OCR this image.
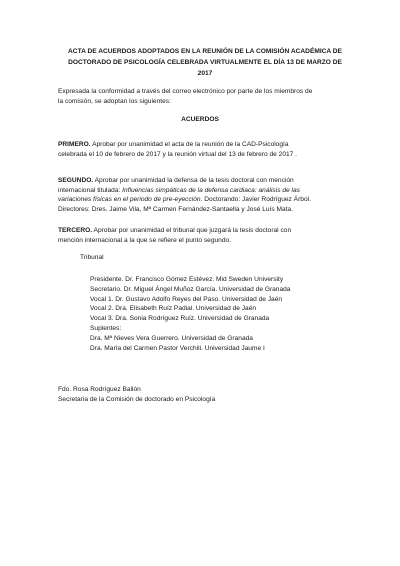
ACTA DE ACUERDOS ADOPTADOS EN LA REUNIÓN DE LA COMISIÓN ACADÉMICA DE
DOCTORADO DE PSICOLOGÍA CELEBRADA VIRTUALMENTE EL DÍA 13 DE MARZO DE
2017
Expresada la conformidad a través del correo electrónico por parte de los miembros de
la comisión, se adoptan los siguientes:
ACUERDOS
PRIMERO. Aprobar por unanimidad el acta de la reunión de la CAD-Psicología
celebrada el 10 de febrero de 2017 y la reunión virtual del 13 de febrero de 2017 .
SEGUNDO. Aprobar por unanimidad la defensa de la tesis doctoral con mención
internacional titulada: Influencias simpáticas de la defensa cardiaca: análisis de las
variaciones físicas en el periodo de pre-eyección. Doctorando: Javier Rodríguez Árbol.
Directores: Dres. Jaime Vila, Mª Carmen Fernández-Santaella y José Luís Mata.
TERCERO. Aprobar por unanimidad el tribunal que juzgará la tesis doctoral con
mención internacional a la que se refiere el punto segundo.
Tribunal
Presidente. Dr. Francisco Gómez Estévez. Mid Sweden University
Secretario. Dr. Miguel Ángel Muñoz García. Universidad de Granada
Vocal 1. Dr. Gustavo Adolfo Reyes del Paso. Universidad de Jaén
Vocal 2. Dra. Elisabeth Ruíz Padial. Universidad de Jaén
Vocal 3. Dra. Sonia Rodríguez Ruíz. Universidad de Granada
Suplentes:
Dra. Mª Nieves Vera Guerrero. Universidad de Granada
Dra. María del Carmen Pastor Verchili. Universidad Jaume I
Fdo. Rosa Rodríguez Bailón
Secretaria de la Comisión de doctorado en Psicología
